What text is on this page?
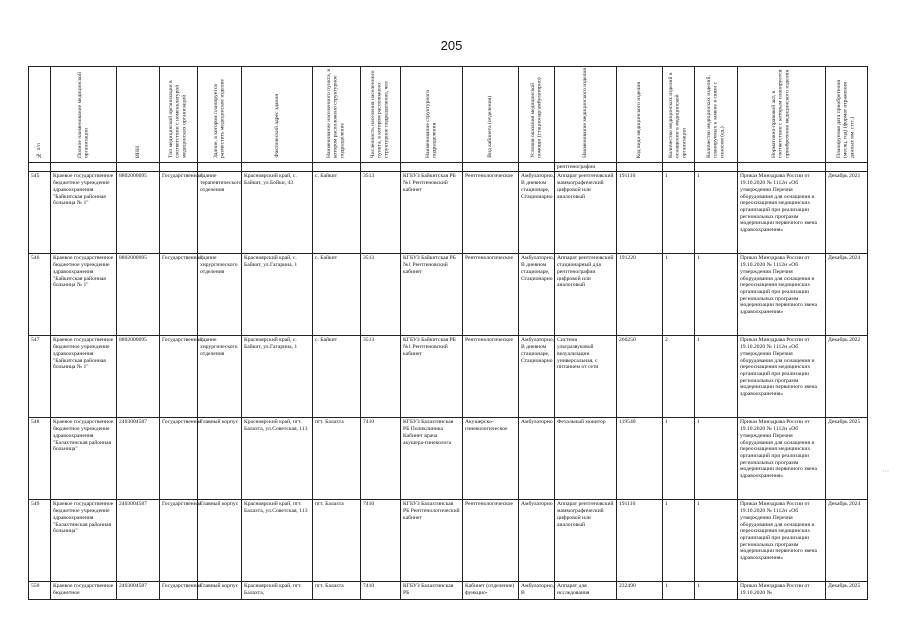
205
№ п/п	Полное наименование медицинской организации	ИНН	Тип медицинской организации в соответствии с номенклатурой медицинских организаций	Здание, в котором планируется разместить медицинское изделие	Фактический адрес здания	Наименование населенного пункта, в котором расположено структурное подразделение	Численность населения населенного пункта, в котором расположено структурное подразделение, чел	Наименование структурного подразделения	Вид кабинета (отделения)	Условия оказания медицинской помощи (стационар/амбулаторно)	Наименование медицинского изделия	Код вида медицинского изделия	Количество медицинских изделий в оснащении в медицинской организации	Количество медицинских изделий, планируемых к замене в связи с износом (ед.)	Нормативно-правовой акт, в соответствии с которым планируется приобретение медицинского изделия	Планируемая дата приобретения (месяц, год) (формат отражения данных мм. гггг.)
											рентгенографии					
545	Краевое государственное бюджетное учреждение здравоохранения "Байкитская районная больница № 1"	8802000095	Государственная	Здание терапевтического отделения	Красноярский край, с. Байкит, ул.Бойки, 43	с. Байкит	3513	КГБУЗ Байкитская РБ №1 Рентгеновский кабинет	Рентгенологическое	Амбулаторно, В дневном стационаре, Стационарно	Аппарат рентгеновский маммографический цифровой или аналоговый	191110	1	1	Приказ Минздрава России от 19.10.2020 № 1112н «Об утверждении Перечня оборудования для оснащения и переоснащения медицинских организаций при реализации региональных программ модернизации первичного звена здравоохранения»	Декабрь 2021
546	Краевое государственное бюджетное учреждение здравоохранения "Байкитская районная больница № 1"	8802000095	Государственная	Здание хирургического отделения	Красноярский край, с. Байкит, ул.Гагарина, 1	с. Байкит	3513	КГБУЗ Байкитская РБ №1 Рентгеновский кабинет	Рентгенологическое	Амбулаторно, В дневном стационаре, Стационарно	Аппарат рентгеновский стационарный для рентгенографии цифровой или аналоговый	191220	1	1	Приказ Минздрава России от 19.10.2020 № 1112н «Об утверждении Перечня оборудования для оснащения и переоснащения медицинских организаций при реализации региональных программ модернизации первичного звена здравоохранения»	Декабрь 2024
547	Краевое государственное бюджетное учреждение здравоохранения "Байкитская районная больница № 1"	8802000095	Государственная	Здание хирургического отделения	Красноярский край, с. Байкит, ул.Гагарина, 1	с. Байкит	3513	КГБУЗ Байкитская РБ №1 Рентгеновский кабинет	Рентгенологическое	Амбулаторно, В дневном стационаре, Стационарно	Система ультразвуковой визуализации универсальная, с питанием от сети	260250	2	1	Приказ Минздрава России от 19.10.2020 № 1112н «Об утверждении Перечня оборудования для оснащения и переоснащения медицинских организаций при реализации региональных программ модернизации первичного звена здравоохранения»	Декабрь 2022
548	Краевое государственное бюджетное учреждение здравоохранения "Балахтинская районная больница"	2403004587	Государственная	Главный корпус	Красноярский край, пгт. Балахта, ул.Советская, 113	пгт. Балахта	7410	КГБУЗ Балахтинская РБ Поликлиника Кабинет врача акушера-гинеколога	Акушерско-гинекологическое	Амбулаторно	Фетальный монитор	119540	1	1	Приказ Минздрава России от 19.10.2020 № 1112н «Об утверждении Перечня оборудования для оснащения и переоснащения медицинских организаций при реализации региональных программ модернизации первичного звена здравоохранения»	Декабрь 2025
549	Краевое государственное бюджетное учреждение здравоохранения "Балахтинская районная больница"	2403004587	Государственная	Главный корпус	Красноярский край, пгт. Балахта, ул.Советская, 113	пгт. Балахта	7410	КГБУЗ Балахтинская РБ Рентгенологический кабинет	Рентгенологическое	Амбулаторно	Аппарат рентгеновский маммографический цифровой или аналоговый	191110	1	1	Приказ Минздрава России от 19.10.2020 № 1112н «Об утверждении Перечня оборудования для оснащения и переоснащения медицинских организаций при реализации региональных программ модернизации первичного звена здравоохранения»	Декабрь 2024
550	Краевое государственное бюджетное	2403004587	Государственная	Главный корпус	Красноярский край, пгт. Балахта,	пгт. Балахта	7410	КГБУЗ Балахтинская РБ	Кабинет (отделение) функцио-	Амбулаторно, В	Аппарат для исследования	232490	1	1	Приказ Минздрава России от 19.10.2020 №	Декабрь 2025
⋮
